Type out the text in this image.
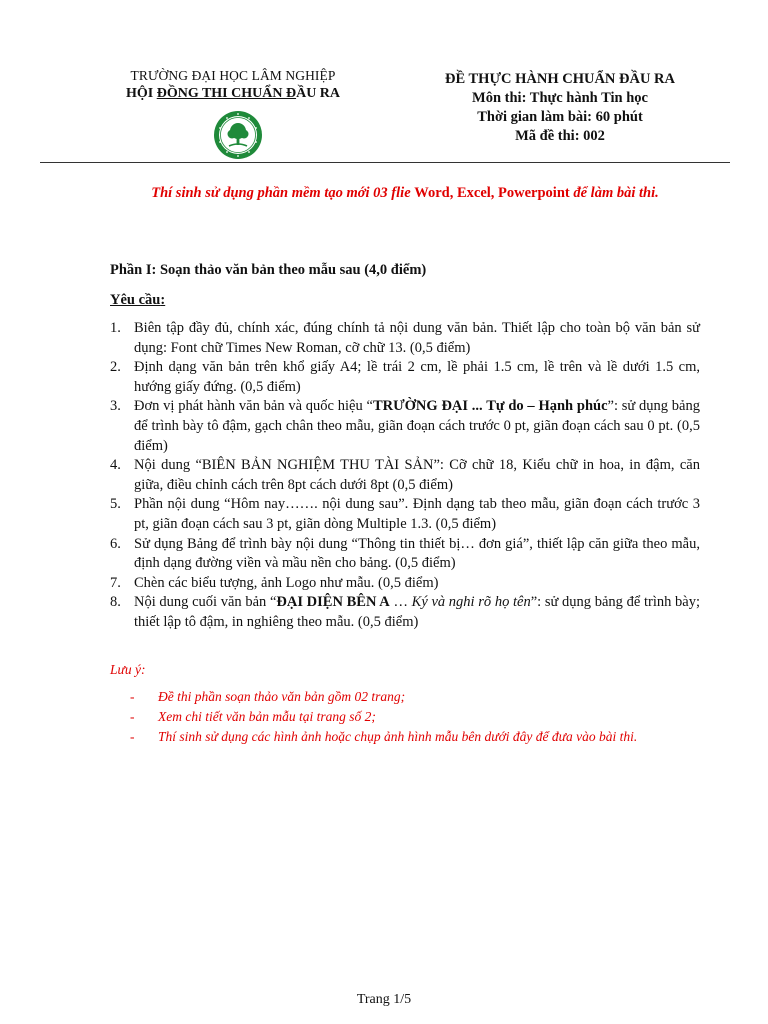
TRƯỜNG ĐẠI HỌC LÂM NGHIỆP
HỘI ĐỒNG THI CHUẨN ĐẦU RA
ĐỀ THỰC HÀNH CHUẨN ĐẦU RA
Môn thi: Thực hành Tin học
Thời gian làm bài: 60 phút
Mã đề thi: 002
Thí sinh sử dụng phần mềm tạo mới 03 flie Word, Excel, Powerpoint để làm bài thi.
Phần I: Soạn thảo văn bản theo mẫu sau (4,0 điểm)
Yêu cầu:
1. Biên tập đầy đủ, chính xác, đúng chính tả nội dung văn bản. Thiết lập cho toàn bộ văn bản sử dụng: Font chữ Times New Roman, cỡ chữ 13. (0,5 điểm)
2. Định dạng văn bản trên khổ giấy A4; lề trái 2 cm, lề phải 1.5 cm, lề trên và lề dưới 1.5 cm, hướng giấy đứng. (0,5 điểm)
3. Đơn vị phát hành văn bản và quốc hiệu “TRƯỜNG ĐẠI ... Tự do – Hạnh phúc”: sử dụng bảng để trình bày tô đậm, gạch chân theo mẫu, giãn đoạn cách trước 0 pt, giãn đoạn cách sau 0 pt. (0,5 điểm)
4. Nội dung “BIÊN BẢN NGHIỆM THU TÀI SẢN”: Cỡ chữ 18, Kiểu chữ in hoa, in đậm, căn giữa, điều chỉnh cách trên 8pt cách dưới 8pt (0,5 điểm)
5. Phần nội dung “Hôm nay……. nội dung sau”. Định dạng tab theo mẫu, giãn đoạn cách trước 3 pt, giãn đoạn cách sau 3 pt, giãn dòng Multiple 1.3. (0,5 điểm)
6. Sử dụng Bảng để trình bày nội dung “Thông tin thiết bị… đơn giá”, thiết lập căn giữa theo mẫu, định dạng đường viền và mầu nền cho bảng. (0,5 điểm)
7. Chèn các biểu tượng, ảnh Logo như mẫu. (0,5 điểm)
8. Nội dung cuối văn bản “ĐẠI DIỆN BÊN A … Ký và nghi rõ họ tên”: sử dụng bảng để trình bày; thiết lập tô đậm, in nghiêng theo mẫu. (0,5 điểm)
Lưu ý:
-	Đề thi phần soạn thảo văn bản gồm 02 trang;
-	Xem chi tiết văn bản mẫu tại trang số 2;
-	Thí sinh sử dụng các hình ảnh hoặc chụp ảnh hình mẫu bên dưới đây để đưa vào bài thi.
Trang 1/5
